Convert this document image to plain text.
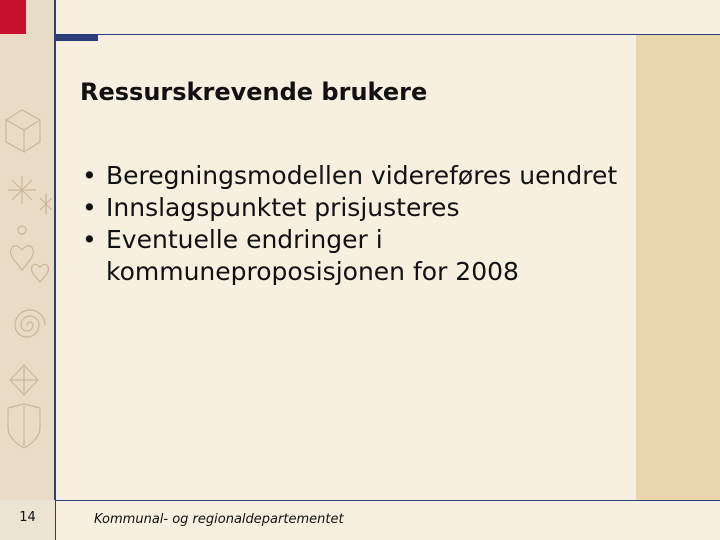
Ressurskrevende brukere
• Beregningsmodellen videreføres uendret
• Innslagspunktet prisjusteres
• Eventuelle endringer i kommuneproposisjonen for 2008
14	Kommunal- og regionaldepartementet
